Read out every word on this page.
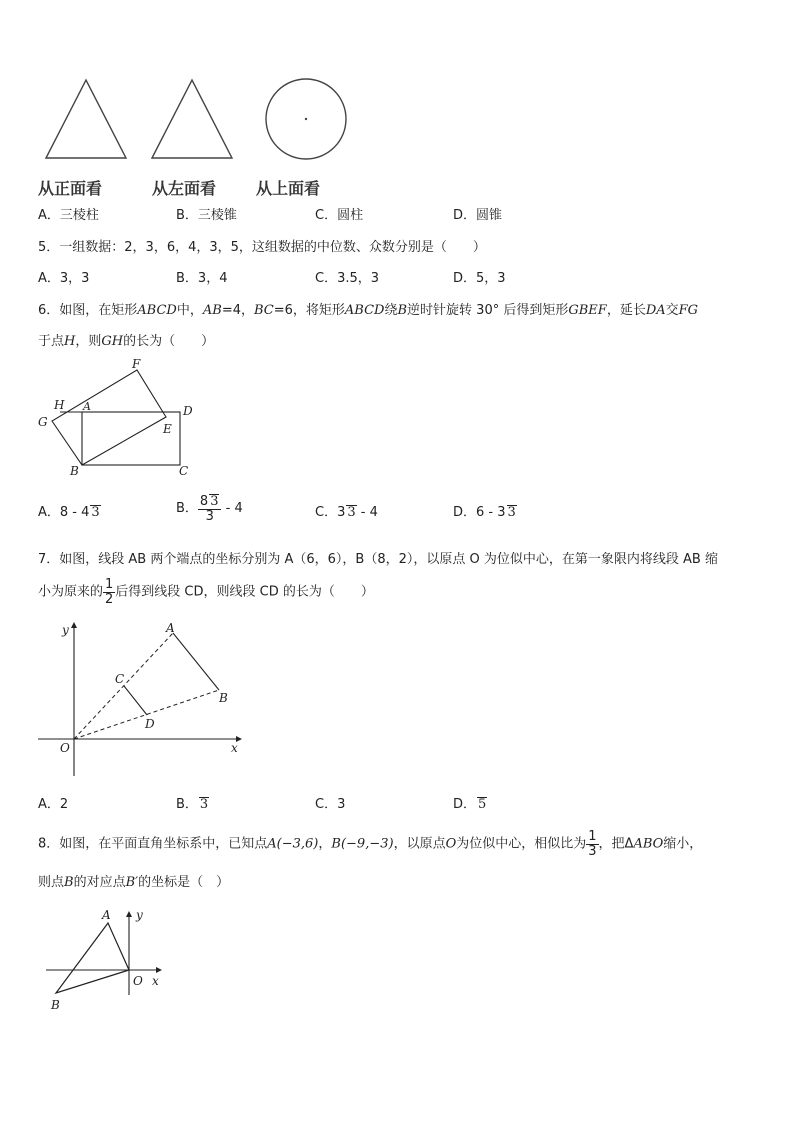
从正面看	从左面看 从上面看
A．三棱柱	B．三棱锥	C．圆柱	D．圆锥
5．一组数据：2，3，6，4，3，5，这组数据的中位数、众数分别是（　　）
A．3，3	B．3，4	C．3.5，3	D．5，3
6．如图，在矩形ABCD中，AB=4，BC=6，将矩形ABCD绕B逆时针旋转 30° 后得到矩形GBEF，延长DA交FG
于点H，则GH的长为（　　）
H A	D
G	E
F
B	C
A．8 - 4 3	B． $\frac{8 3}{3} - 4$	C．3 3 - 4	D．6 - 3 3
7．如图，线段 AB 两个端点的坐标分别为 A（6，6），B（8，2），以原点 O 为位似中心，在第一象限内将线段 AB 缩
小为原来的 $\frac{1}{2}$ 后得到线段 CD，则线段 CD 的长为（　　）
y
x
O
A
B
C
D
A．2	B． 3	C．3	D． 5
8．如图，在平面直角坐标系中，已知点A(−3,6)，B(−9,−3)，以原点O为位似中心，相似比为 $\frac{1}{3}$ ，把ΔABO缩小，
则点B的对应点B′的坐标是（　）
A
B
O x
y
